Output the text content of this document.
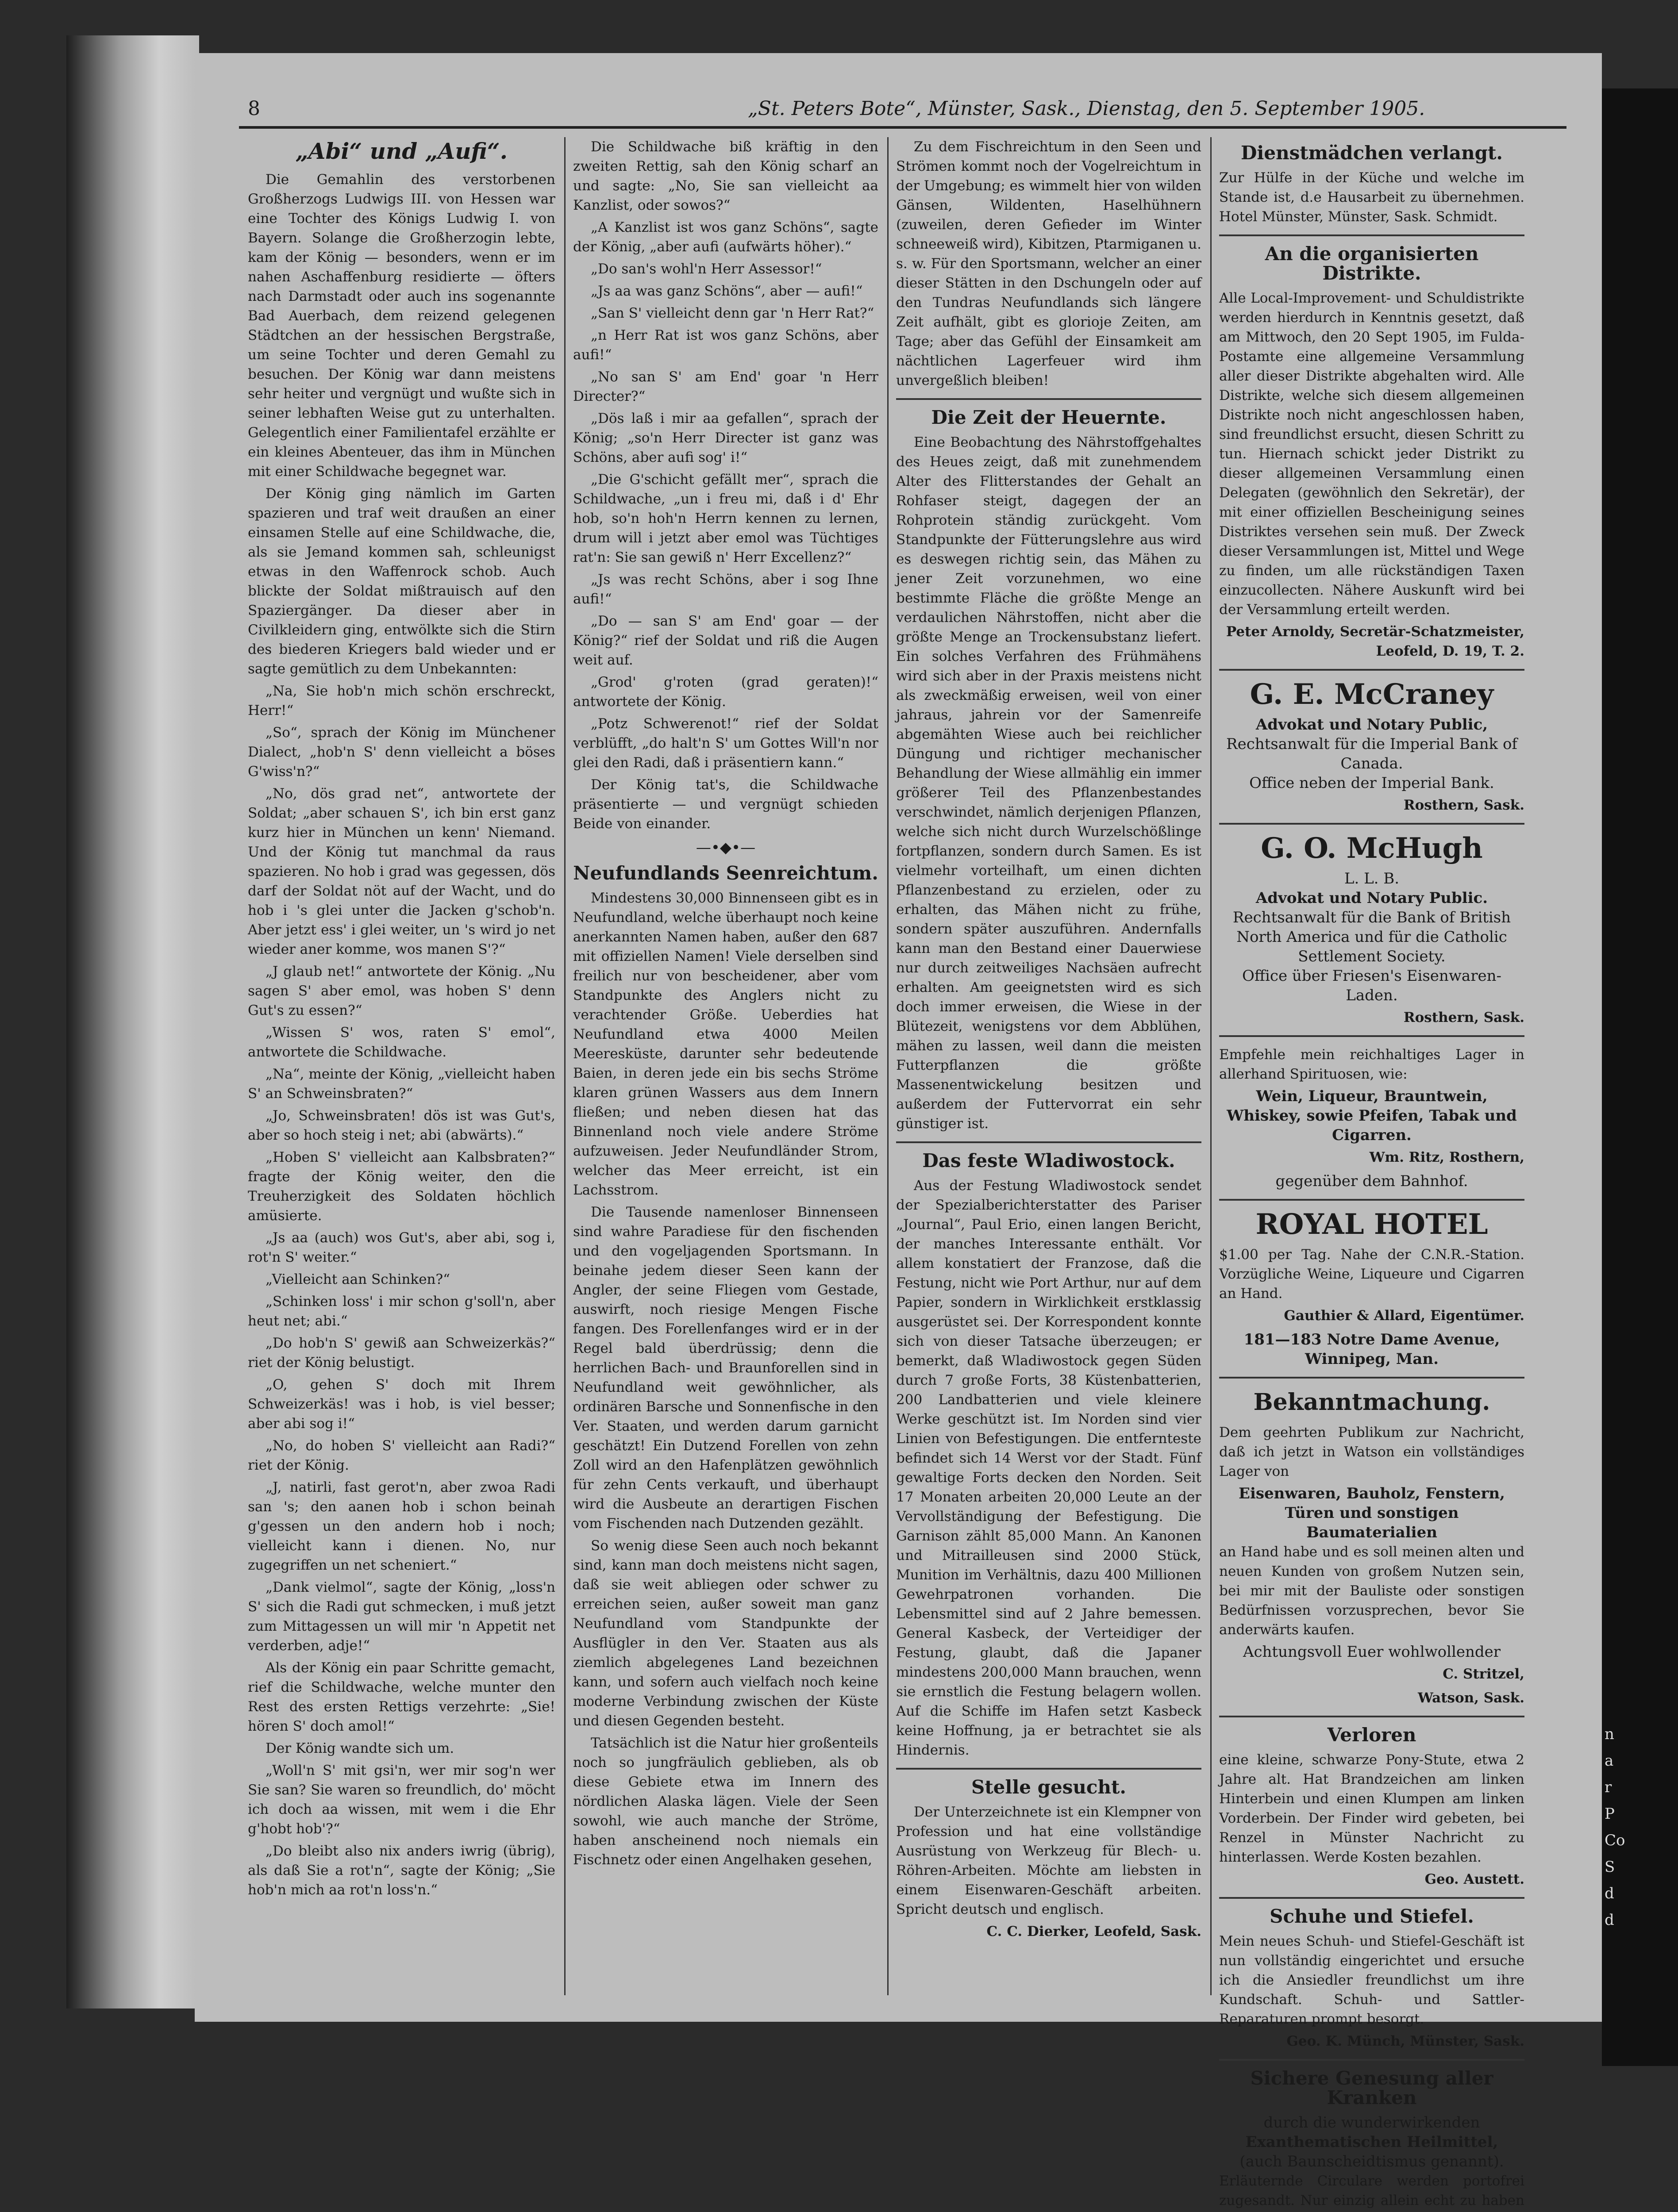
8	„St. Peters Bote“, Münster, Sask., Dienstag, den 5. September 1905.
„Abi“ und „Aufi“.

Die Gemahlin des verstorbenen Großherzogs Ludwigs III. von Hessen war eine Tochter des Königs Ludwig I. von Bayern. Solange die Großherzogin lebte, kam der König — besonders, wenn er im nahen Aschaffenburg residierte — öfters nach Darmstadt oder auch ins sogenannte Bad Auerbach, dem reizend gelegenen Städtchen an der hessischen Bergstraße, um seine Tochter und deren Gemahl zu besuchen. Der König war dann meistens sehr heiter und vergnügt und wußte sich in seiner lebhaften Weise gut zu unterhalten. Gelegentlich einer Familientafel erzählte er ein kleines Abenteuer, das ihm in München mit einer Schildwache begegnet war.

Der König ging nämlich im Garten spazieren und traf weit draußen an einer einsamen Stelle auf eine Schildwache, die, als sie Jemand kommen sah, schleunigst etwas in den Waffenrock schob. Auch blickte der Soldat mißtrauisch auf den Spaziergänger. Da dieser aber in Civilkleidern ging, entwölkte sich die Stirn des biederen Kriegers bald wieder und er sagte gemütlich zu dem Unbekannten:

„Na, Sie hob'n mich schön erschreckt, Herr!“

„So“, sprach der König im Münchener Dialect, „hob'n S' denn vielleicht a böses G'wiss'n?“

„No, dös grad net“, antwortete der Soldat; „aber schauen S', ich bin erst ganz kurz hier in München un kenn' Niemand. Und der König tut manchmal da raus spazieren. No hob i grad was gegessen, dös darf der Soldat nöt auf der Wacht, und do hob i 's glei unter die Jacken g'schob'n. Aber jetzt ess' i glei weiter, un 's wird jo net wieder aner komme, wos manen S'?“

„J glaub net!“ antwortete der König. „Nu sagen S' aber emol, was hoben S' denn Gut's zu essen?“

„Wissen S' wos, raten S' emol“, antwortete die Schildwache.

„Na“, meinte der König, „vielleicht haben S' an Schweinsbraten?“

„Jo, Schweinsbraten! dös ist was Gut's, aber so hoch steig i net; abi (abwärts).“

„Hoben S' vielleicht aan Kalbsbraten?“ fragte der König weiter, den die Treuherzigkeit des Soldaten höchlich amüsierte.

„Js aa (auch) wos Gut's, aber abi, sog i, rot'n S' weiter.“

„Vielleicht aan Schinken?“

„Schinken loss' i mir schon g'soll'n, aber heut net; abi.“

„Do hob'n S' gewiß aan Schweizerkäs?“ riet der König belustigt.

„O, gehen S' doch mit Ihrem Schweizerkäs! was i hob, is viel besser; aber abi sog i!“

„No, do hoben S' vielleicht aan Radi?“ riet der König.

„J, natirli, fast gerot'n, aber zwoa Radi san 's; den aanen hob i schon beinah g'gessen un den andern hob i noch; vielleicht kann i dienen. No, nur zugegriffen un net scheniert.“

„Dank vielmol“, sagte der König, „loss'n S' sich die Radi gut schmecken, i muß jetzt zum Mittagessen un will mir 'n Appetit net verderben, adje!“

Als der König ein paar Schritte gemacht, rief die Schildwache, welche munter den Rest des ersten Rettigs verzehrte: „Sie! hören S' doch amol!“

Der König wandte sich um.

„Woll'n S' mit gsi'n, wer mir sog'n wer Sie san? Sie waren so freundlich, do' möcht ich doch aa wissen, mit wem i die Ehr g'hobt hob'?“

„Do bleibt also nix anders iwrig (übrig), als daß Sie a rot'n“, sagte der König; „Sie hob'n mich aa rot'n loss'n.“

Die Schildwache biß kräftig in den zweiten Rettig, sah den König scharf an und sagte: „No, Sie san vielleicht aa Kanzlist, oder sowos?“

„A Kanzlist ist wos ganz Schöns“, sagte der König, „aber aufi (aufwärts höher).“

„Do san's wohl'n Herr Assessor!“

„Js aa was ganz Schöns“, aber — aufi!“

„San S' vielleicht denn gar 'n Herr Rat?“

„n Herr Rat ist wos ganz Schöns, aber aufi!“

„No san S' am End' goar 'n Herr Directer?“

„Dös laß i mir aa gefallen“, sprach der König; „so'n Herr Directer ist ganz was Schöns, aber aufi sog' i!“

„Die G'schicht gefällt mer“, sprach die Schildwache, „un i freu mi, daß i d' Ehr hob, so'n hoh'n Herrn kennen zu lernen, drum will i jetzt aber emol was Tüchtiges rat'n: Sie san gewiß n' Herr Excellenz?“

„Js was recht Schöns, aber i sog Ihne aufi!“

„Do — san S' am End' goar — der König?“ rief der Soldat und riß die Augen weit auf.

„Grod' g'roten (grad geraten)!“ antwortete der König.

„Potz Schwerenot!“ rief der Soldat verblüfft, „do halt'n S' um Gottes Will'n nor glei den Radi, daß i präsentiern kann.“

Der König tat's, die Schildwache präsentierte — und vergnügt schieden Beide von einander.

—•◆•—
Neufundlands Seenreichtum.

Mindestens 30,000 Binnenseen gibt es in Neufundland, welche überhaupt noch keine anerkannten Namen haben, außer den 687 mit offiziellen Namen! Viele derselben sind freilich nur von bescheidener, aber vom Standpunkte des Anglers nicht zu verachtender Größe. Ueberdies hat Neufundland etwa 4000 Meilen Meeresküste, darunter sehr bedeutende Baien, in deren jede ein bis sechs Ströme klaren grünen Wassers aus dem Innern fließen; und neben diesen hat das Binnenland noch viele andere Ströme aufzuweisen. Jeder Neufundländer Strom, welcher das Meer erreicht, ist ein Lachsstrom.

Die Tausende namenloser Binnenseen sind wahre Paradiese für den fischenden und den vogeljagenden Sportsmann. In beinahe jedem dieser Seen kann der Angler, der seine Fliegen vom Gestade, auswirft, noch riesige Mengen Fische fangen. Des Forellenfanges wird er in der Regel bald überdrüssig; denn die herrlichen Bach- und Braunforellen sind in Neufundland weit gewöhnlicher, als ordinären Barsche und Sonnenfische in den Ver. Staaten, und werden darum garnicht geschätzt! Ein Dutzend Forellen von zehn Zoll wird an den Hafenplätzen gewöhnlich für zehn Cents verkauft, und überhaupt wird die Ausbeute an derartigen Fischen vom Fischenden nach Dutzenden gezählt.

So wenig diese Seen auch noch bekannt sind, kann man doch meistens nicht sagen, daß sie weit abliegen oder schwer zu erreichen seien, außer soweit man ganz Neufundland vom Standpunkte der Ausflügler in den Ver. Staaten aus als ziemlich abgelegenes Land bezeichnen kann, und sofern auch vielfach noch keine moderne Verbindung zwischen der Küste und diesen Gegenden besteht.

Tatsächlich ist die Natur hier großenteils noch so jungfräulich geblieben, als ob diese Gebiete etwa im Innern des nördlichen Alaska lägen. Viele der Seen sowohl, wie auch manche der Ströme, haben anscheinend noch niemals ein Fischnetz oder einen Angelhaken gesehen,

Zu dem Fischreichtum in den Seen und Strömen kommt noch der Vogelreichtum in der Umgebung; es wimmelt hier von wilden Gänsen, Wildenten, Haselhühnern (zuweilen, deren Gefieder im Winter schneeweiß wird), Kibitzen, Ptarmiganen u. s. w. Für den Sportsmann, welcher an einer dieser Stätten in den Dschungeln oder auf den Tundras Neufundlands sich längere Zeit aufhält, gibt es glorioje Zeiten, am Tage; aber das Gefühl der Einsamkeit am nächtlichen Lagerfeuer wird ihm unvergeßlich bleiben!

Die Zeit der Heuernte.

Eine Beobachtung des Nährstoffgehaltes des Heues zeigt, daß mit zunehmendem Alter des Flitterstandes der Gehalt an Rohfaser steigt, dagegen der an Rohprotein ständig zurückgeht. Vom Standpunkte der Fütterungslehre aus wird es deswegen richtig sein, das Mähen zu jener Zeit vorzunehmen, wo eine bestimmte Fläche die größte Menge an verdaulichen Nährstoffen, nicht aber die größte Menge an Trockensubstanz liefert. Ein solches Verfahren des Frühmähens wird sich aber in der Praxis meistens nicht als zweckmäßig erweisen, weil von einer jahraus, jahrein vor der Samenreife abgemähten Wiese auch bei reichlicher Düngung und richtiger mechanischer Behandlung der Wiese allmählig ein immer größerer Teil des Pflanzenbestandes verschwindet, nämlich derjenigen Pflanzen, welche sich nicht durch Wurzelschößlinge fortpflanzen, sondern durch Samen. Es ist vielmehr vorteilhaft, um einen dichten Pflanzenbestand zu erzielen, oder zu erhalten, das Mähen nicht zu frühe, sondern später auszuführen. Andernfalls kann man den Bestand einer Dauerwiese nur durch zeitweiliges Nachsäen aufrecht erhalten. Am geeignetsten wird es sich doch immer erweisen, die Wiese in der Blütezeit, wenigstens vor dem Abblühen, mähen zu lassen, weil dann die meisten Futterpflanzen die größte Massenentwickelung besitzen und außerdem der Futtervorrat ein sehr günstiger ist.

Das feste Wladiwostock.

Aus der Festung Wladiwostock sendet der Spezialberichterstatter des Pariser „Journal“, Paul Erio, einen langen Bericht, der manches Interessante enthält. Vor allem konstatiert der Franzose, daß die Festung, nicht wie Port Arthur, nur auf dem Papier, sondern in Wirklichkeit erstklassig ausgerüstet sei. Der Korrespondent konnte sich von dieser Tatsache überzeugen; er bemerkt, daß Wladiwostock gegen Süden durch 7 große Forts, 38 Küstenbatterien, 200 Landbatterien und viele kleinere Werke geschützt ist. Im Norden sind vier Linien von Befestigungen. Die entfernteste befindet sich 14 Werst vor der Stadt. Fünf gewaltige Forts decken den Norden. Seit 17 Monaten arbeiten 20,000 Leute an der Vervollständigung der Befestigung. Die Garnison zählt 85,000 Mann. An Kanonen und Mitrailleusen sind 2000 Stück, Munition im Verhältnis, dazu 400 Millionen Gewehrpatronen vorhanden. Die Lebensmittel sind auf 2 Jahre bemessen. General Kasbeck, der Verteidiger der Festung, glaubt, daß die Japaner mindestens 200,000 Mann brauchen, wenn sie ernstlich die Festung belagern wollen. Auf die Schiffe im Hafen setzt Kasbeck keine Hoffnung, ja er betrachtet sie als Hindernis.

Stelle gesucht.

Der Unterzeichnete ist ein Klempner von Profession und hat eine vollständige Ausrüstung von Werkzeug für Blech- u. Röhren-Arbeiten. Möchte am liebsten in einem Eisenwaren-Geschäft arbeiten. Spricht deutsch und englisch.

C. C. Dierker, Leofeld, Sask.
Dienstmädchen verlangt.

Zur Hülfe in der Küche und welche im Stande ist, d.e Hausarbeit zu übernehmen. Hotel Münster, Münster, Sask. Schmidt.

An die organisierten Distrikte.

Alle Local-Improvement- und Schuldistrikte werden hierdurch in Kenntnis gesetzt, daß am Mittwoch, den 20 Sept 1905, im Fulda-Postamte eine allgemeine Versammlung aller dieser Distrikte abgehalten wird. Alle Distrikte, welche sich diesem allgemeinen Distrikte noch nicht angeschlossen haben, sind freundlichst ersucht, diesen Schritt zu tun. Hiernach schickt jeder Distrikt zu dieser allgemeinen Versammlung einen Delegaten (gewöhnlich den Sekretär), der mit einer offiziellen Bescheinigung seines Distriktes versehen sein muß. Der Zweck dieser Versammlungen ist, Mittel und Wege zu finden, um alle rückständigen Taxen einzucollecten. Nähere Auskunft wird bei der Versammlung erteilt werden.

Peter Arnoldy, Secretär-Schatzmeister, Leofeld, D. 19, T. 2.
G. E. McCraney
Advokat und Notary Public,
Rechtsanwalt für die Imperial Bank of Canada.
Office neben der Imperial Bank.
Rosthern, Sask.
G. O. McHugh
L. L. B.
Advokat und Notary Public.
Rechtsanwalt für die Bank of British North America und für die Catholic Settlement Society.
Office über Friesen's Eisenwaren-Laden.
Rosthern, Sask.

Empfehle mein reichhaltiges Lager in allerhand Spirituosen, wie:

Wein, Liqueur, Brauntwein, Whiskey, sowie Pfeifen, Tabak und Cigarren.
Wm. Ritz, Rosthern,
gegenüber dem Bahnhof.
ROYAL HOTEL

$1.00 per Tag. Nahe der C.N.R.-Station. Vorzügliche Weine, Liqueure und Cigarren an Hand.

Gauthier & Allard, Eigentümer.
181—183 Notre Dame Avenue, Winnipeg, Man.
Bekanntmachung.

Dem geehrten Publikum zur Nachricht, daß ich jetzt in Watson ein vollständiges Lager von

Eisenwaren, Bauholz, Fenstern, Türen und sonstigen Baumaterialien

an Hand habe und es soll meinen alten und neuen Kunden von großem Nutzen sein, bei mir mit der Bauliste oder sonstigen Bedürfnissen vorzusprechen, bevor Sie anderwärts kaufen.

Achtungsvoll Euer wohlwollender
C. Stritzel,
Watson, Sask.
Verloren

eine kleine, schwarze Pony-Stute, etwa 2 Jahre alt. Hat Brandzeichen am linken Hinterbein und einen Klumpen am linken Vorderbein. Der Finder wird gebeten, bei Renzel in Münster Nachricht zu hinterlassen. Werde Kosten bezahlen.

Geo. Austett.
Schuhe und Stiefel.

Mein neues Schuh- und Stiefel-Geschäft ist nun vollständig eingerichtet und ersuche ich die Ansiedler freundlichst um ihre Kundschaft. Schuh- und Sattler-Reparaturen prompt besorgt.

Geo. K. Münch, Münster, Sask.
Sichere Genesung aller Kranken
durch die wunderwirkenden
Exanthematischen Heilmittel,
(auch Baunscheidtismus genannt).

Erläuternde Circulare werden portofrei zugesandt. Nur einzig allein echt zu haben

n
a
r
P
Co
S
d
d
